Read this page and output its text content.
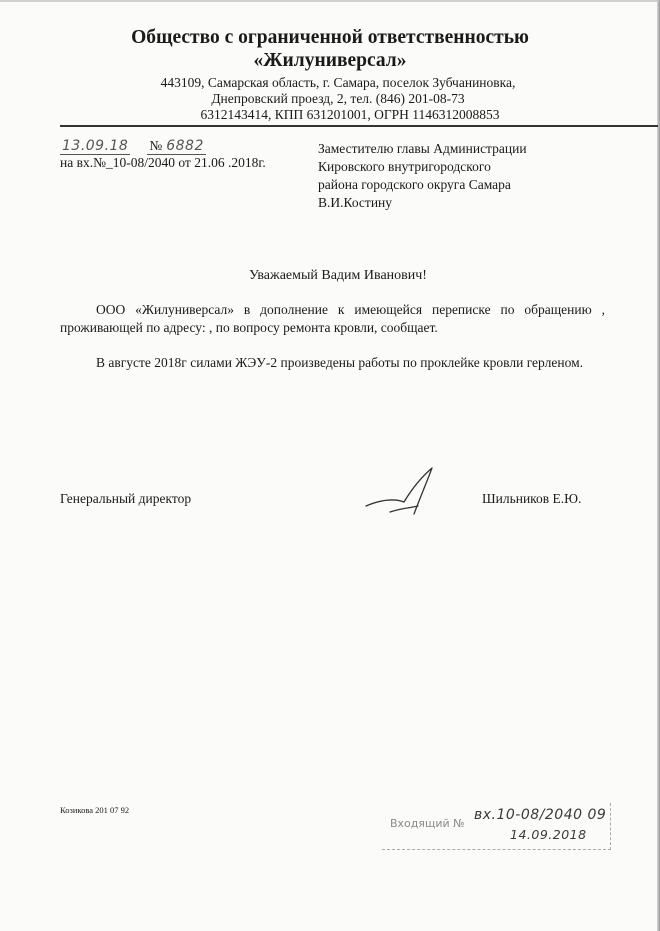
Общество с ограниченной ответственностью
«Жилуниверсал»
443109, Самарская область, г. Самара, поселок Зубчаниновка,
Днепровский проезд, 2, тел. (846) 201-08-73
6312143414, КПП 631201001, ОГРН 1146312008853
13.09.18 № 6882
на вх.№_10-08/2040 от 21.06 .2018г.
Заместителю главы Администрации
Кировского внутригородского
района городского округа Самара
В.И.Костину
Уважаемый Вадим Иванович!
ООО «Жилуниверсал» в дополнение к имеющейся переписке по обращению , проживающей по адресу: , по вопросу ремонта кровли, сообщает.
В августе 2018г силами ЖЭУ-2 произведены работы по проклейке кровли герленом.
Генеральный директор	Шильников Е.Ю.
Козикова 201 07 92
Входящий №
вх.10-08/2040 09
14.09.2018
